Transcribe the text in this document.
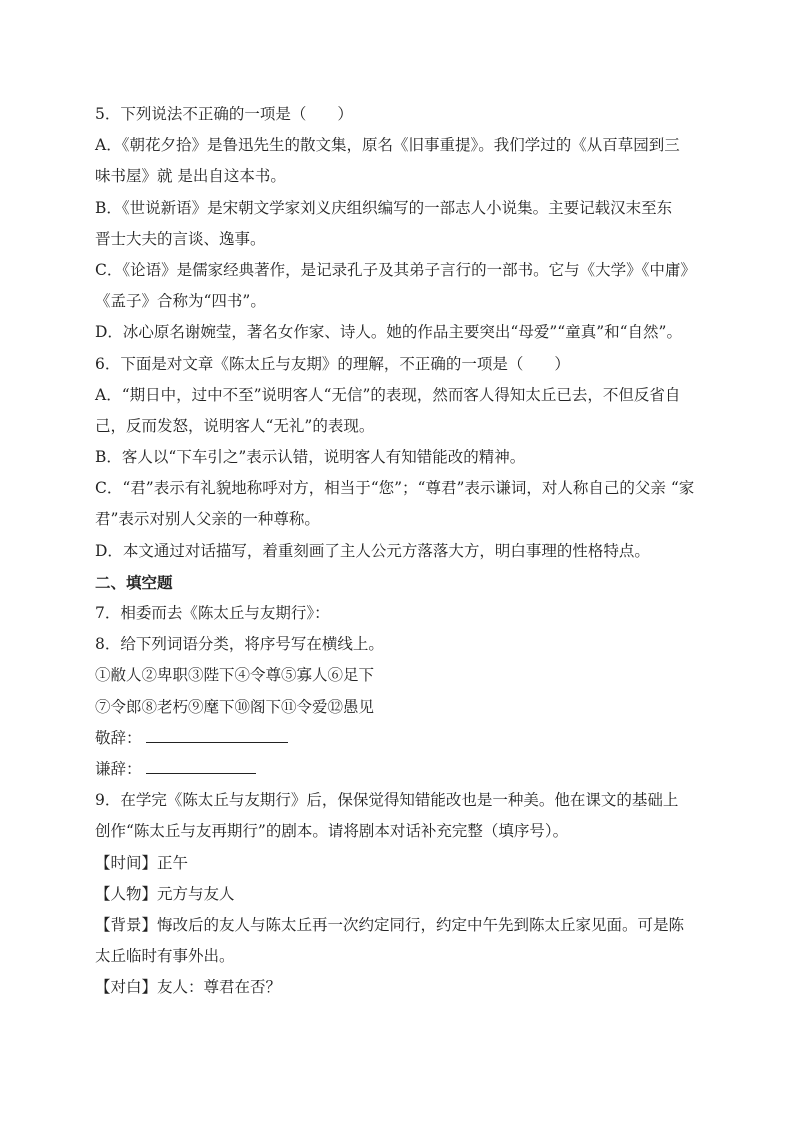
5．下列说法不正确的一项是（　　）
A．《朝花夕拾》是鲁迅先生的散文集，原名《旧事重提》。我们学过的《从百草园到三
味书屋》就 是出自这本书。
B．《世说新语》是宋朝文学家刘义庆组织编写的一部志人小说集。主要记载汉末至东
晋士大夫的言谈、逸事。
C．《论语》是儒家经典著作，是记录孔子及其弟子言行的一部书。它与《大学》《中庸》
《孟子》合称为“四书”。
D．冰心原名谢婉莹，著名女作家、诗人。她的作品主要突出“母爱”“童真”和“自然”。
6．下面是对文章《陈太丘与友期》的理解，不正确的一项是（　　）
A．“期日中，过中不至”说明客人“无信”的表现，然而客人得知太丘已去，不但反省自
己，反而发怒，说明客人“无礼”的表现。
B．客人以“下车引之”表示认错，说明客人有知错能改的精神。
C．“君”表示有礼貌地称呼对方，相当于“您”；“尊君”表示谦词，对人称自己的父亲 “家
君”表示对别人父亲的一种尊称。
D．本文通过对话描写，着重刻画了主人公元方落落大方，明白事理的性格特点。
二、填空题
7．相委而去《陈太丘与友期行》：
8．给下列词语分类，将序号写在横线上。
①敝人②卑职③陛下④令尊⑤寡人⑥足下
⑦令郎⑧老朽⑨麾下⑩阁下⑪令爱⑫愚见
敬辞：
谦辞：
9．在学完《陈太丘与友期行》后，保保觉得知错能改也是一种美。他在课文的基础上
创作“陈太丘与友再期行”的剧本。请将剧本对话补充完整（填序号）。
【时间】正午
【人物】元方与友人
【背景】悔改后的友人与陈太丘再一次约定同行，约定中午先到陈太丘家见面。可是陈
太丘临时有事外出。
【对白】友人：尊君在否？
